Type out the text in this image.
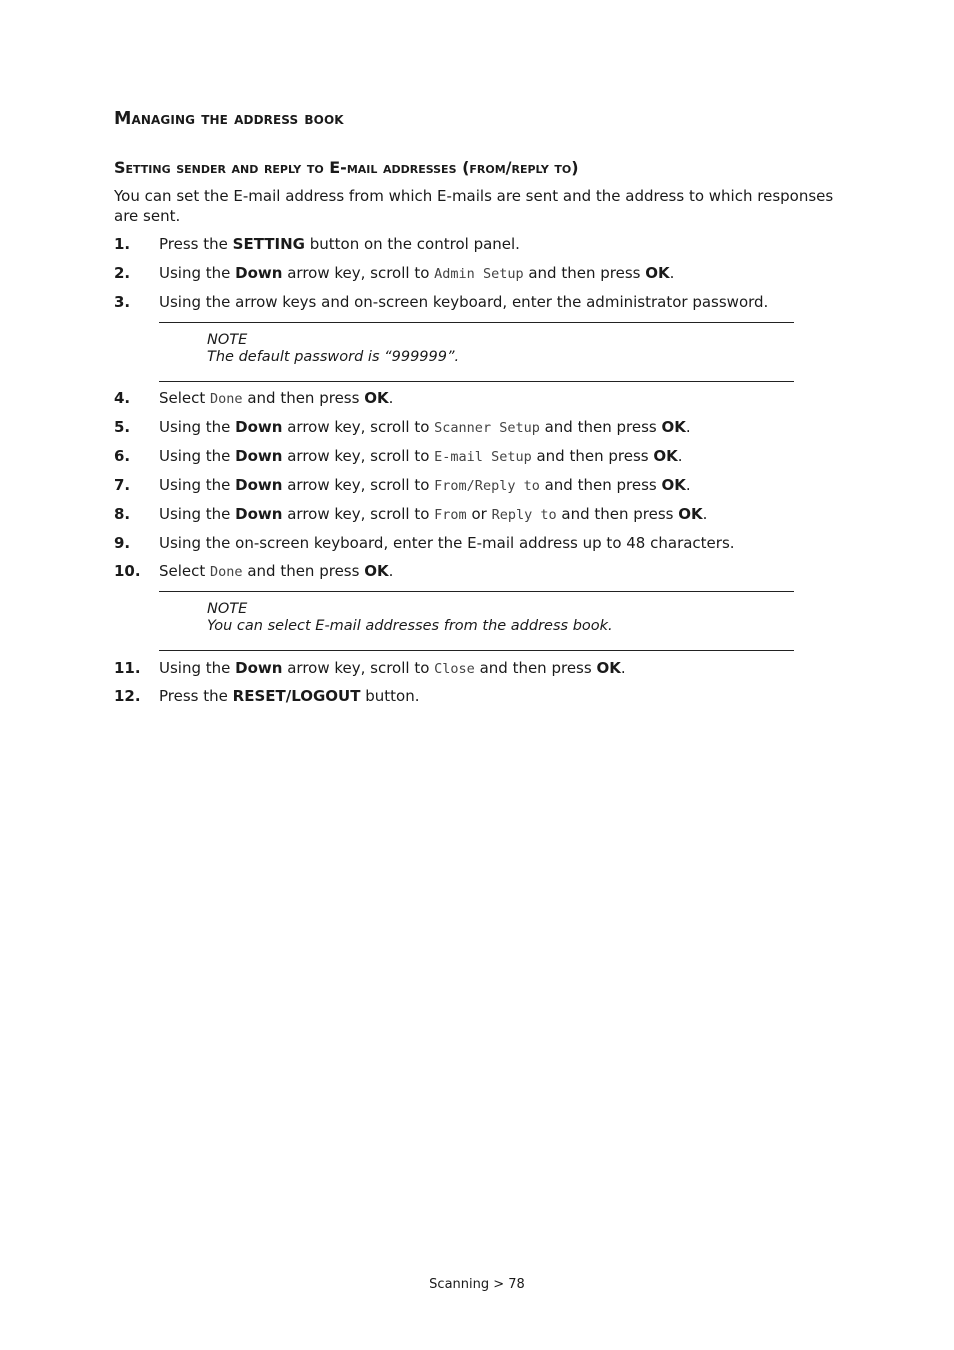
Managing the address book
Setting sender and reply to E-mail addresses (from/reply to)

You can set the E-mail address from which E-mails are sent and the address to which responses are sent.

1. Press the SETTING button on the control panel.
2. Using the Down arrow key, scroll to Admin Setup and then press OK.
3. Using the arrow keys and on-screen keyboard, enter the administrator password.
NOTE
The default password is “999999”.
4. Select Done and then press OK.
5. Using the Down arrow key, scroll to Scanner Setup and then press OK.
6. Using the Down arrow key, scroll to E-mail Setup and then press OK.
7. Using the Down arrow key, scroll to From/Reply to and then press OK.
8. Using the Down arrow key, scroll to From or Reply to and then press OK.
9. Using the on-screen keyboard, enter the E-mail address up to 48 characters.
10. Select Done and then press OK.
NOTE
You can select E-mail addresses from the address book.
11. Using the Down arrow key, scroll to Close and then press OK.
12. Press the RESET/LOGOUT button.
Scanning > 78
